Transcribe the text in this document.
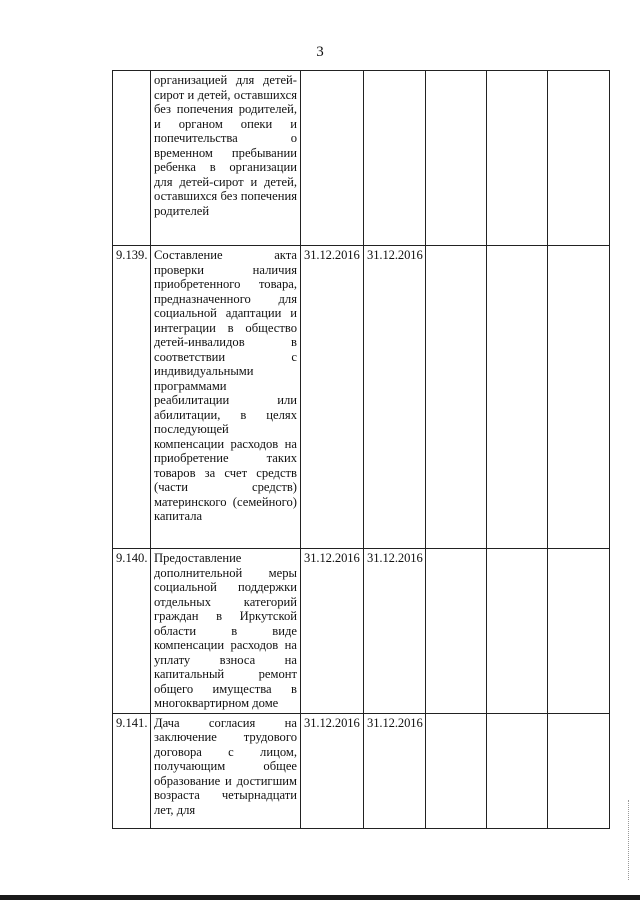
3
	организацией для детей-сирот и детей, оставшихся без попечения родителей, и органом опеки и попечительства о временном пребывании ребенка в организации для детей-сирот и детей, оставшихся без попечения родителей					
9.139.	Составление акта проверки наличия приобретенного товара, предназначенного для социальной адаптации и интеграции в общество детей-инвалидов в соответствии с индивидуальными программами реабилитации или абилитации, в целях последующей компенсации расходов на приобретение таких товаров за счет средств (части средств) материнского (семейного) капитала	31.12.2016	31.12.2016			
9.140.	Предоставление дополнительной меры социальной поддержки отдельных категорий граждан в Иркутской области в виде компенсации расходов на уплату взноса на капитальный ремонт общего имущества в многоквартирном доме	31.12.2016	31.12.2016			
9.141.	Дача согласия на заключение трудового договора с лицом, получающим общее образование и достигшим возраста четырнадцати лет, для	31.12.2016	31.12.2016			
